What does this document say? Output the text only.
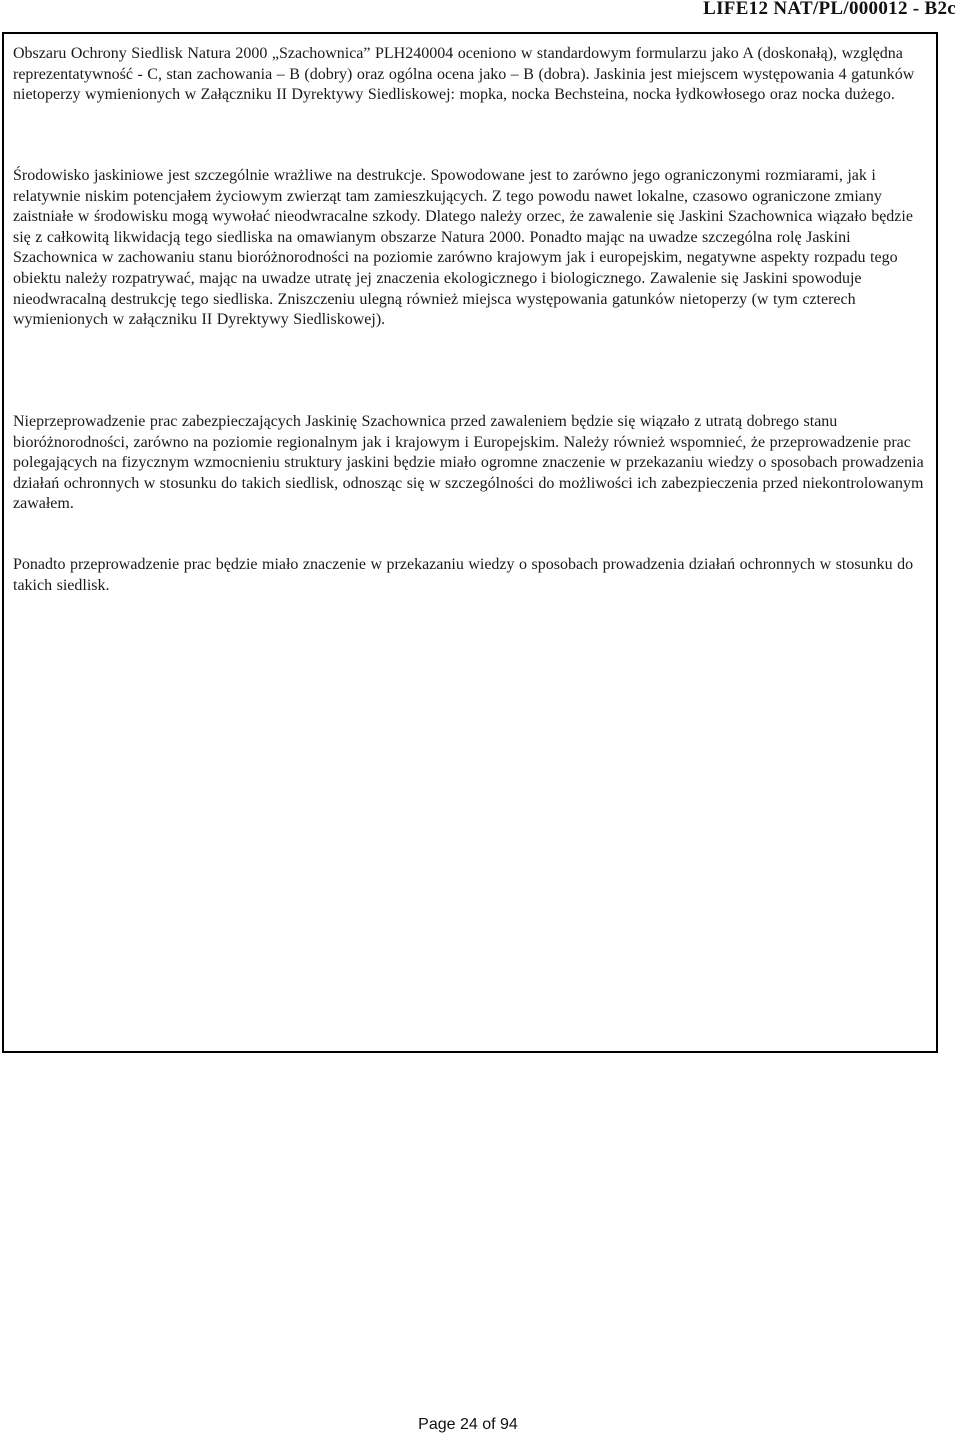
LIFE12 NAT/PL/000012 - B2c

Obszaru Ochrony Siedlisk Natura 2000 „Szachownica” PLH240004 oceniono w standardowym formularzu jako A (doskonałą), względna reprezentatywność - C, stan zachowania – B (dobry) oraz ogólna ocena jako – B (dobra). Jaskinia jest miejscem występowania 4 gatunków nietoperzy wymienionych w Załączniku II Dyrektywy Siedliskowej: mopka, nocka Bechsteina, nocka łydkowłosego oraz nocka dużego.

Środowisko jaskiniowe jest szczególnie wrażliwe na destrukcje. Spowodowane jest to zarówno jego ograniczonymi rozmiarami, jak i relatywnie niskim potencjałem życiowym zwierząt tam zamieszkujących. Z tego powodu nawet lokalne, czasowo ograniczone zmiany zaistniałe w środowisku mogą wywołać nieodwracalne szkody. Dlatego należy orzec, że zawalenie się Jaskini Szachownica wiązało będzie się z całkowitą likwidacją tego siedliska na omawianym obszarze Natura 2000. Ponadto mając na uwadze szczególna rolę Jaskini Szachownica w zachowaniu stanu bioróżnorodności na poziomie zarówno krajowym jak i europejskim, negatywne aspekty rozpadu tego obiektu należy rozpatrywać, mając na uwadze utratę jej znaczenia ekologicznego i biologicznego. Zawalenie się Jaskini spowoduje nieodwracalną destrukcję tego siedliska. Zniszczeniu ulegną również miejsca występowania gatunków nietoperzy (w tym czterech wymienionych w załączniku II Dyrektywy Siedliskowej).

Nieprzeprowadzenie prac zabezpieczających Jaskinię Szachownica przed zawaleniem będzie się wiązało z utratą dobrego stanu bioróżnorodności, zarówno na poziomie regionalnym jak i krajowym i Europejskim. Należy również wspomnieć, że przeprowadzenie prac polegających na fizycznym wzmocnieniu struktury jaskini będzie miało ogromne znaczenie w przekazaniu wiedzy o sposobach prowadzenia działań ochronnych w stosunku do takich siedlisk, odnosząc się w szczególności do możliwości ich zabezpieczenia przed niekontrolowanym zawałem.

Ponadto przeprowadzenie prac będzie miało znaczenie w przekazaniu wiedzy o sposobach prowadzenia działań ochronnych w stosunku do takich siedlisk.

Page 24 of 94
